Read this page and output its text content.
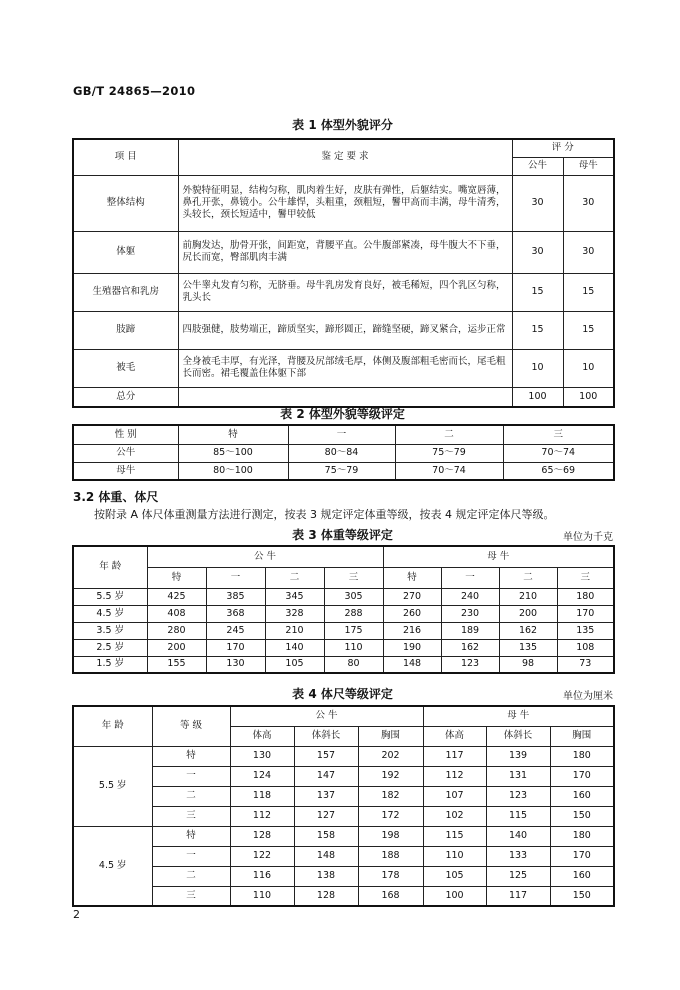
GB/T 24865—2010
表 1 体型外貌评分
项 目	鉴 定 要 求	评 分	
		公牛	母牛
整体结构	外貌特征明显，结构匀称，肌肉着生好，皮肤有弹性，后躯结实。嘴宽唇薄，鼻孔开张，鼻镜小。公牛雄悍，头粗重，颈粗短，鬐甲高而丰满，母牛清秀，头较长，颈长短适中，鬐甲较低	30	30
体躯	前胸发达，肋骨开张，间距宽，背腰平直。公牛腹部紧凑，母牛腹大不下垂，尻长而宽，臀部肌肉丰满	30	30
生殖器官和乳房	公牛睾丸发育匀称，无脐垂。母牛乳房发育良好，被毛稀短，四个乳区匀称，乳头长	15	15
肢蹄	四肢强健，肢势端正，蹄质坚实，蹄形圆正，蹄缝坚硬，蹄叉紧合，运步正常	15	15
被毛	全身被毛丰厚，有光泽，背腰及尻部绒毛厚，体侧及腹部粗毛密而长，尾毛粗长而密。裙毛覆盖住体躯下部	10	10
总分		100	100
表 2 体型外貌等级评定
性 别	特	一	二	三
公牛	85～100	80～84	75～79	70～74
母牛	80～100	75～79	70～74	65～69
3.2 体重、体尺
按附录 A 体尺体重测量方法进行测定，按表 3 规定评定体重等级，按表 4 规定评定体尺等级。
表 3 体重等级评定	单位为千克
年 龄	公 牛				母 牛			
	特	一	二	三	特	一	二	三
5.5 岁	425	385	345	305	270	240	210	180
4.5 岁	408	368	328	288	260	230	200	170
3.5 岁	280	245	210	175	216	189	162	135
2.5 岁	200	170	140	110	190	162	135	108
1.5 岁	155	130	105	80	148	123	98	73
表 4 体尺等级评定	单位为厘米
年 龄	等 级	公 牛			母 牛		
		体高	体斜长	胸围	体高	体斜长	胸围
5.5 岁	特	130	157	202	117	139	180
	一	124	147	192	112	131	170
	二	118	137	182	107	123	160
	三	112	127	172	102	115	150
4.5 岁	特	128	158	198	115	140	180
	一	122	148	188	110	133	170
	二	116	138	178	105	125	160
	三	110	128	168	100	117	150
2
